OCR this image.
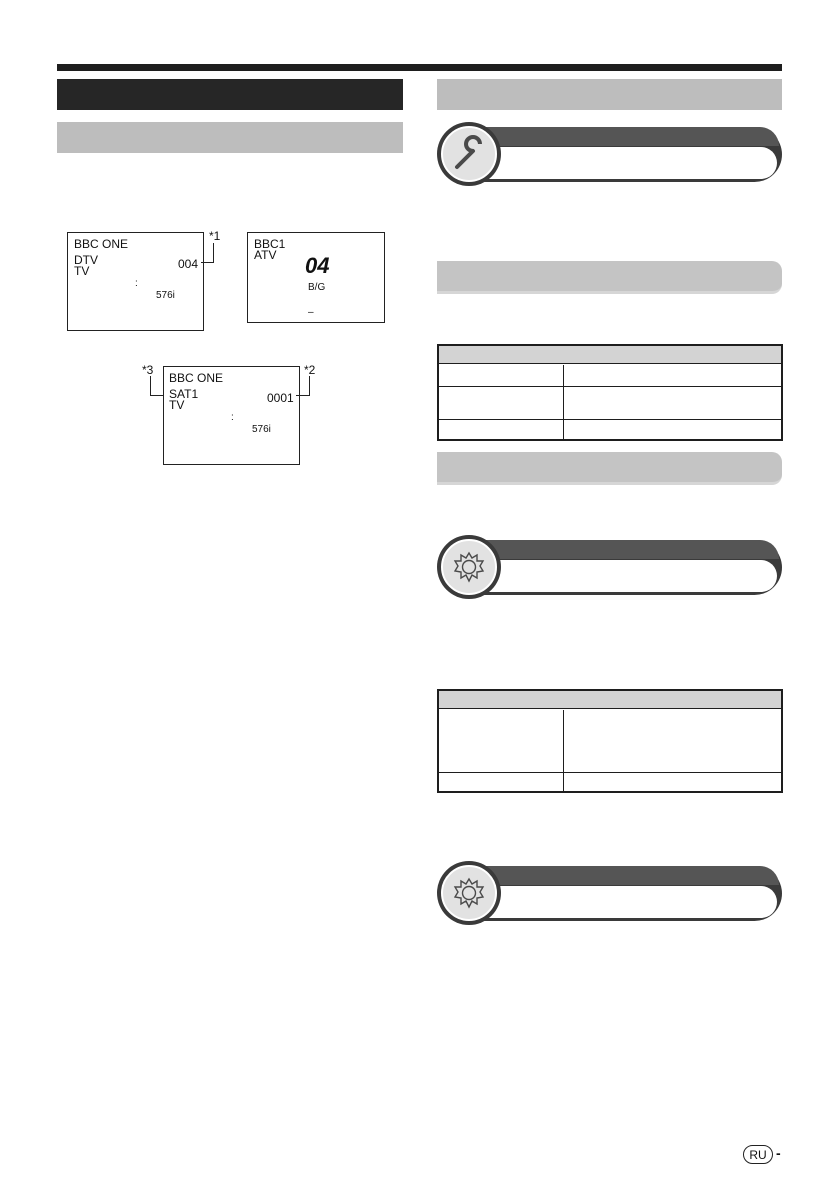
BBC ONE
DTV
TV	004
:
576i
*1
BBC1
ATV 04
B/G
–
BBC ONE
SAT1
TV	0001
:
576i
*3	*2
RU -
